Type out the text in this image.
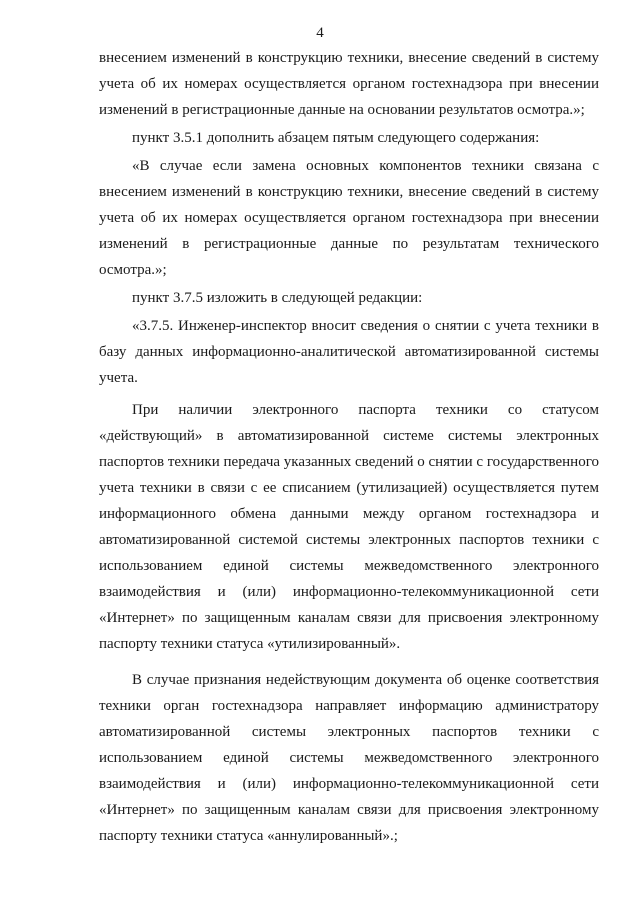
4

внесением изменений в конструкцию техники, внесение сведений в систему учета об их номерах осуществляется органом гостехнадзора при внесении изменений в регистрационные данные на основании результатов осмотра.»;

пункт 3.5.1 дополнить абзацем пятым следующего содержания:

«В случае если замена основных компонентов техники связана с внесением изменений в конструкцию техники, внесение сведений в систему учета об их номерах осуществляется органом гостехнадзора при внесении изменений в регистрационные данные по результатам технического осмотра.»;

пункт 3.7.5 изложить в следующей редакции:

«3.7.5. Инженер-инспектор вносит сведения о снятии с учета техники в базу данных информационно-аналитической автоматизированной системы учета.

При наличии электронного паспорта техники со статусом «действующий» в автоматизированной системе системы электронных паспортов техники передача указанных сведений о снятии с государственного учета техники в связи с ее списанием (утилизацией) осуществляется путем информационного обмена данными между органом гостехнадзора и автоматизированной системой системы электронных паспортов техники с использованием единой системы межведомственного электронного взаимодействия и (или) информационно-телекоммуникационной сети «Интернет» по защищенным каналам связи для присвоения электронному паспорту техники статуса «утилизированный».

В случае признания недействующим документа об оценке соответствия техники орган гостехнадзора направляет информацию администратору автоматизированной системы электронных паспортов техники с использованием единой системы межведомственного электронного взаимодействия и (или) информационно-телекоммуникационной сети «Интернет» по защищенным каналам связи для присвоения электронному паспорту техники статуса «аннулированный».;
